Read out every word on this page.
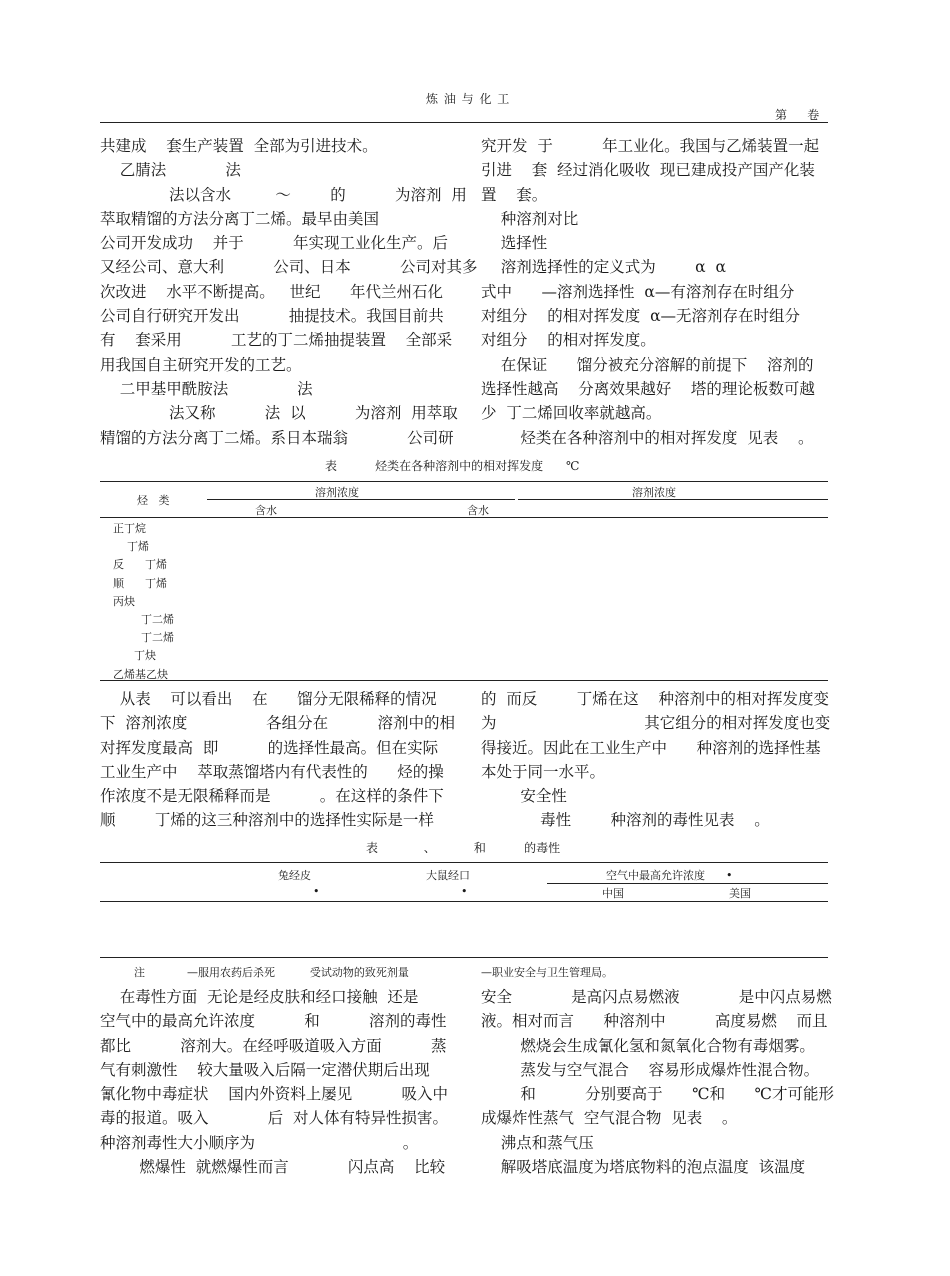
炼 油 与 化 工
第    卷
共建成    套生产装置  全部为引进技术。
乙腈法            法
法以含水         ～        的          为溶剂  用
萃取精馏的方法分离丁二烯。最早由美国
公司开发成功    并于          年实现工业化生产。后
又经公司、意大利          公司、日本          公司对其多
次改进    水平不断提高。   世纪      年代兰州石化
公司自行研究开发出          抽提技术。我国目前共
有    套采用          工艺的丁二烯抽提装置    全部采
用我国自主研究开发的工艺。
二甲基甲酰胺法              法
法又称          法  以          为溶剂  用萃取
精馏的方法分离丁二烯。系日本瑞翁            公司研
究开发  于          年工业化。我国与乙烯装置一起
引进    套  经过消化吸收  现已建成投产国产化装
置    套。
种溶剂对比
选择性
溶剂选择性的定义式为        α  α
式中      —溶剂选择性  α—有溶剂存在时组分
对组分    的相对挥发度  α—无溶剂存在时组分
对组分    的相对挥发度。
在保证      馏分被充分溶解的前提下    溶剂的
选择性越高    分离效果越好    塔的理论板数可越
少  丁二烯回收率就越高。
烃类在各种溶剂中的相对挥发度  见表    。
表          烃类在各种溶剂中的相对挥发度      ℃
烃   类
溶剂浓度	溶剂浓度
含水	含水
正丁烷
丁烯
反      丁烯
顺      丁烯
丙炔
丁二烯
丁二烯
丁炔
乙烯基乙炔
从表    可以看出    在      馏分无限稀释的情况
下  溶剂浓度                各组分在          溶剂中的相
对挥发度最高  即          的选择性最高。但在实际
工业生产中    萃取蒸馏塔内有代表性的      烃的操
作浓度不是无限稀释而是          。在这样的条件下
顺        丁烯的这三种溶剂中的选择性实际是一样
的  而反        丁烯在这    种溶剂中的相对挥发度变
为                              其它组分的相对挥发度也变
得接近。因此在工业生产中      种溶剂的选择性基
本处于同一水平。
安全性
毒性        种溶剂的毒性见表    。
表            、          和          的毒性
兔经皮	大鼠经口	空气中最高允许浓度      •
•	•	中国	美国
注            —服用农药后杀死          受试动物的致死剂量	—职业安全与卫生管理局。
在毒性方面  无论是经皮肤和经口接触  还是
空气中的最高允许浓度          和          溶剂的毒性
都比          溶剂大。在经呼吸道吸入方面          蒸
气有刺激性    较大量吸入后隔一定潜伏期后出现
氰化物中毒症状    国内外资料上屡见          吸入中
毒的报道。吸入            后  对人体有特异性损害。
种溶剂毒性大小顺序为                              。
燃爆性  就燃爆性而言            闪点高    比较
安全            是高闪点易燃液            是中闪点易燃
液。相对而言      种溶剂中          高度易燃    而且
燃烧会生成氰化氢和氮氧化合物有毒烟雾。
蒸发与空气混合    容易形成爆炸性混合物。
和          分别要高于      ℃和      ℃才可能形
成爆炸性蒸气  空气混合物  见表    。
沸点和蒸气压
解吸塔底温度为塔底物料的泡点温度  该温度
